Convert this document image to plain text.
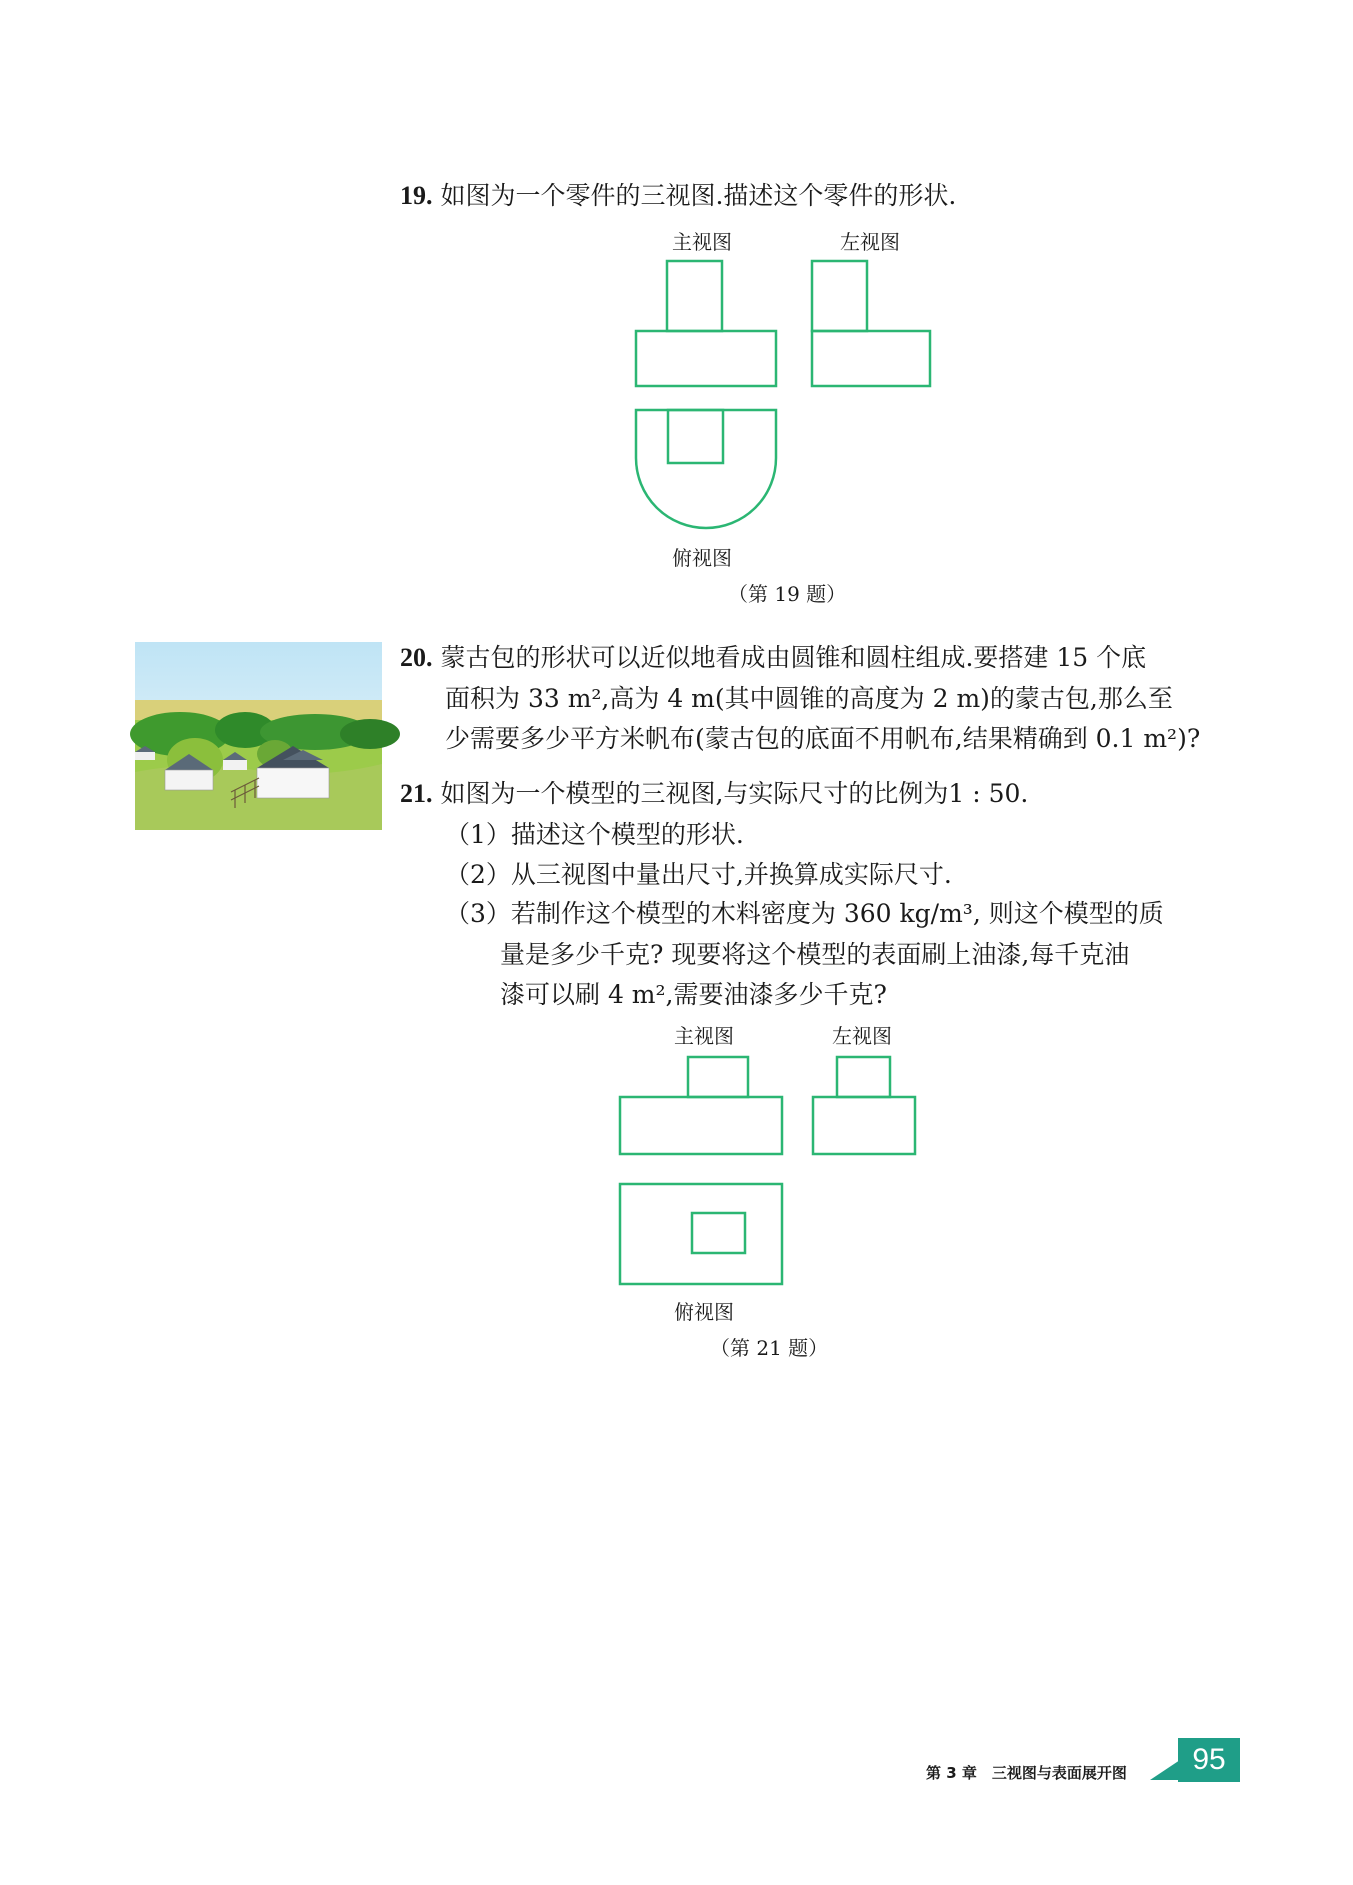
19. 如图为一个零件的三视图.描述这个零件的形状.
主视图	左视图
俯视图
（第 19 题）
20. 蒙古包的形状可以近似地看成由圆锥和圆柱组成.要搭建 15 个底
面积为 33 m²,高为 4 m(其中圆锥的高度为 2 m)的蒙古包,那么至
少需要多少平方米帆布(蒙古包的底面不用帆布,结果精确到 0.1 m²)?
21. 如图为一个模型的三视图,与实际尺寸的比例为1 : 50.
（1）描述这个模型的形状.
（2）从三视图中量出尺寸,并换算成实际尺寸.
（3）若制作这个模型的木料密度为 360 kg/m³, 则这个模型的质
量是多少千克? 现要将这个模型的表面刷上油漆,每千克油
漆可以刷 4 m²,需要油漆多少千克?
主视图	左视图
俯视图
（第 21 题）
第 3 章　三视图与表面展开图	95
